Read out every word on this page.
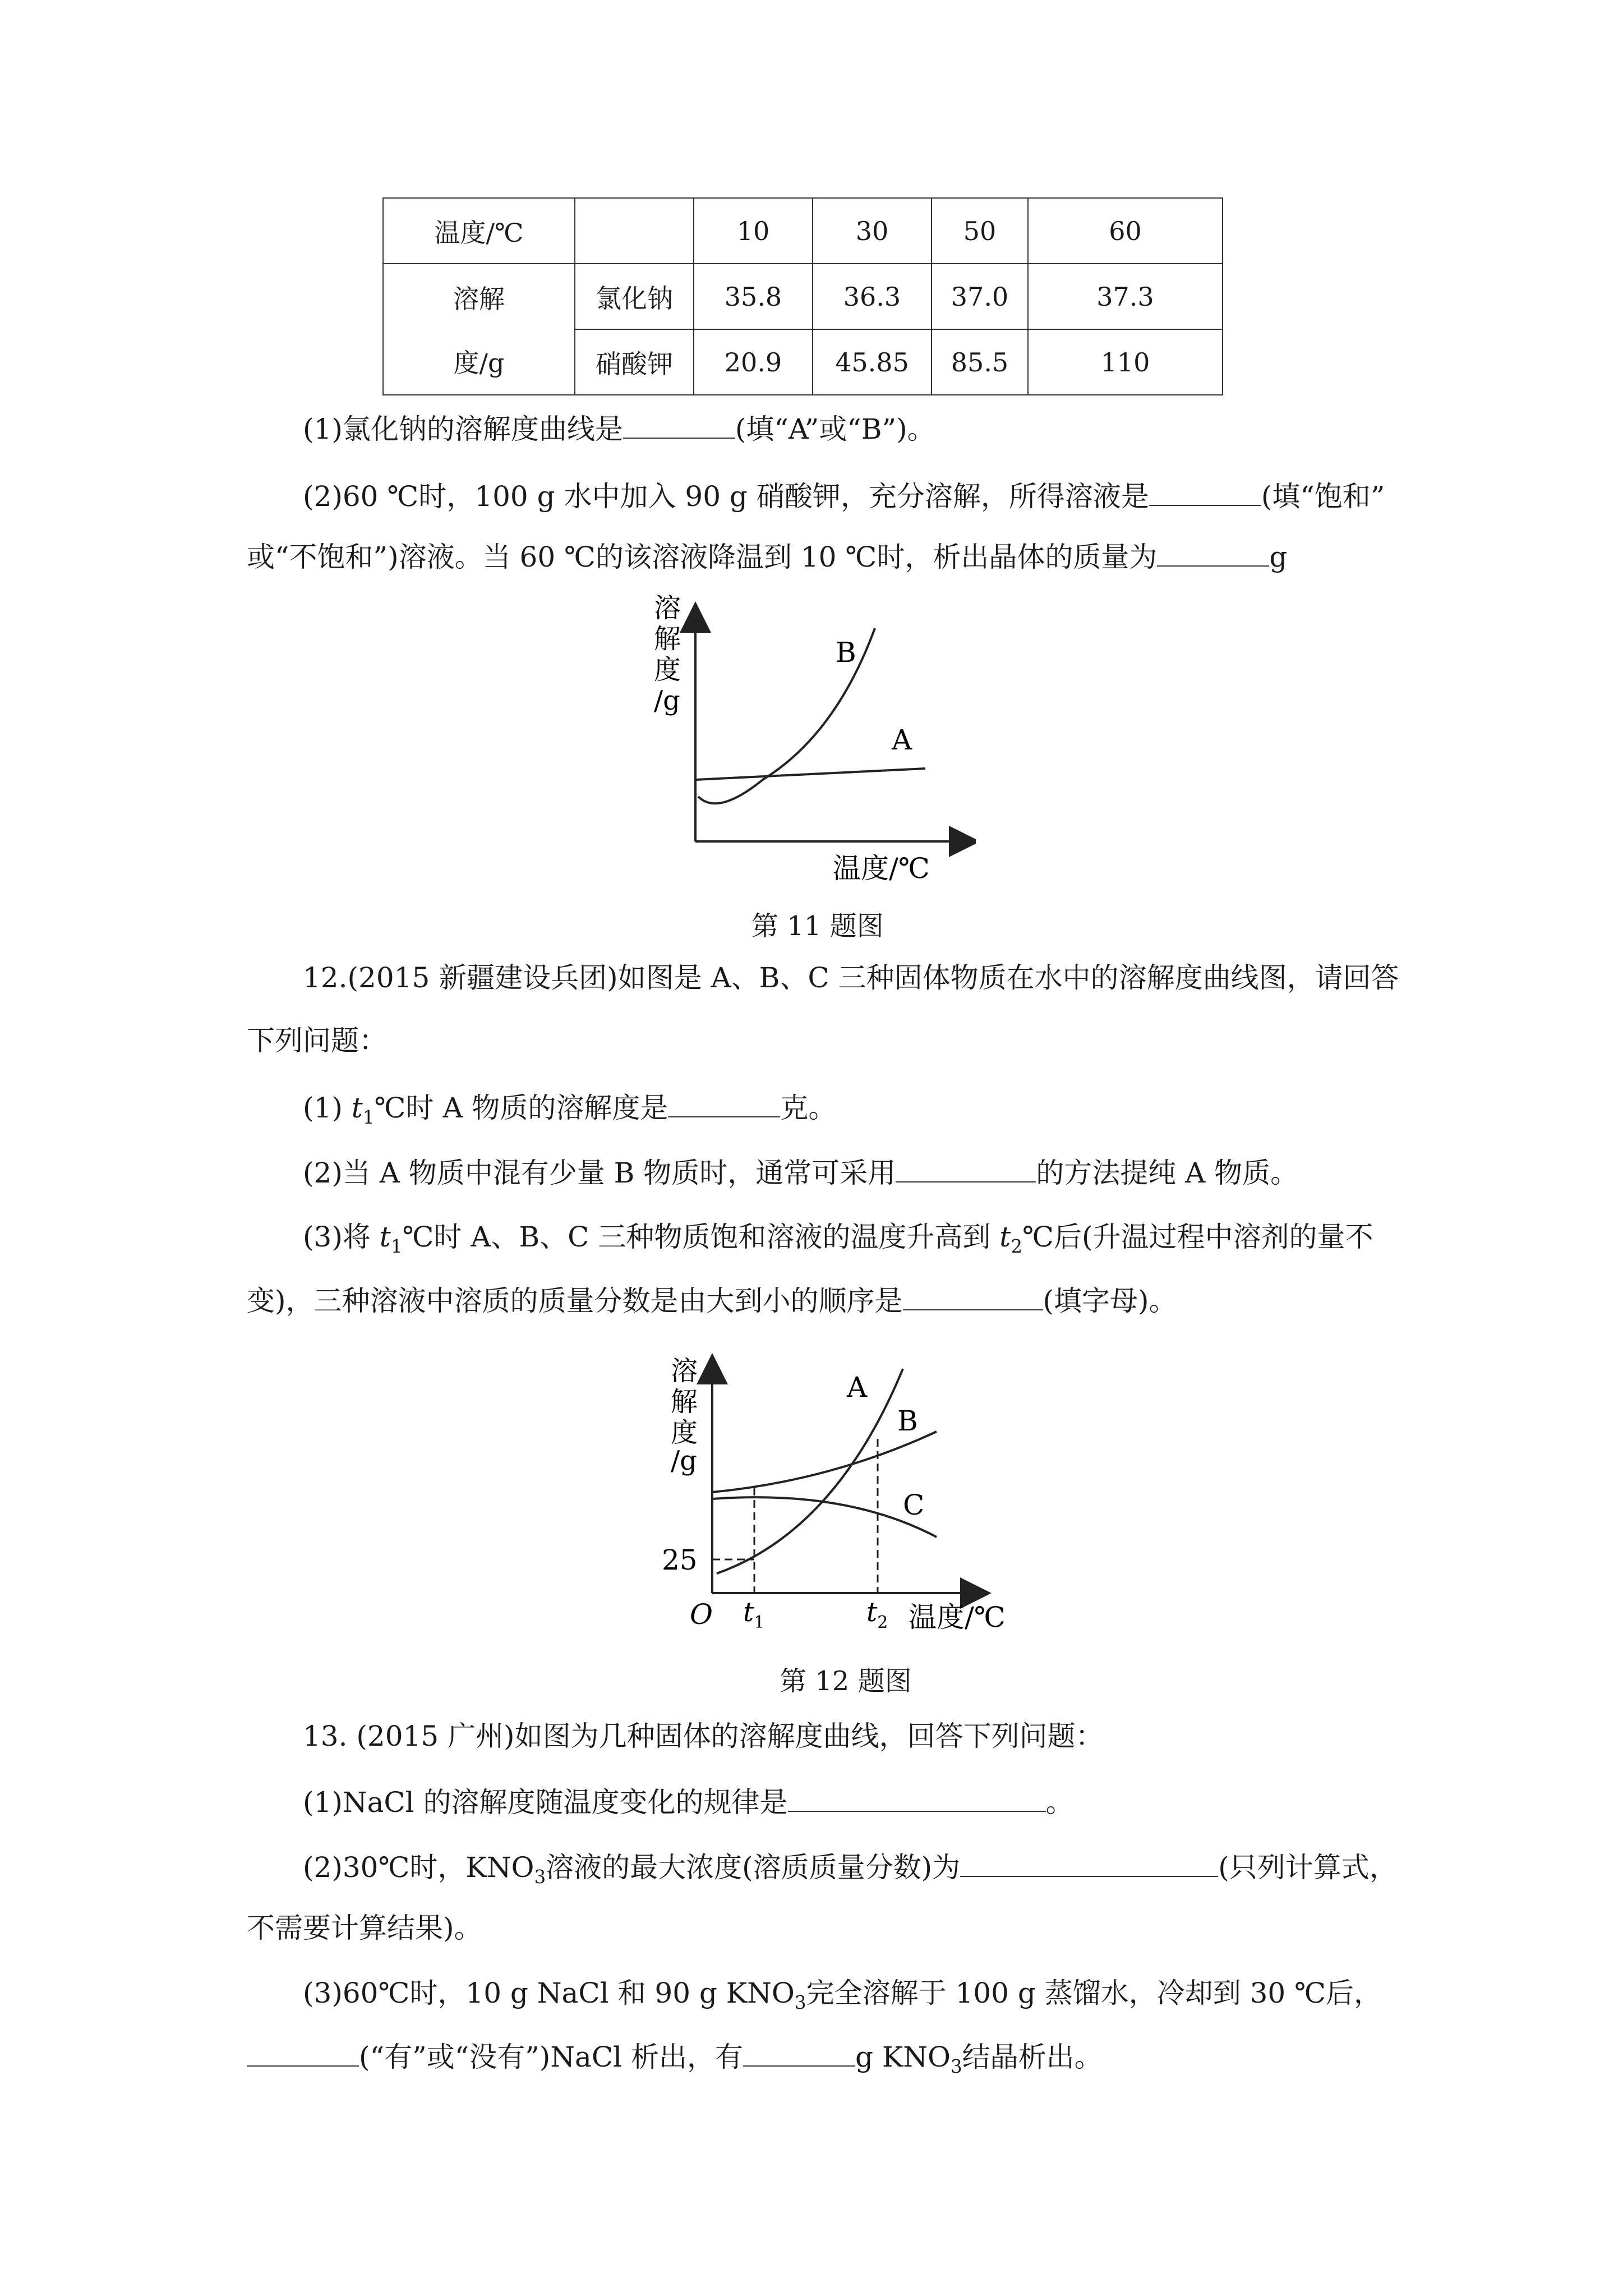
温度/℃		10	30	50	60

溶解
度/g	氯化钠	35.8	36.3	37.0	37.3
	硝酸钾	20.9	45.85	85.5	110
(1)氯化钠的溶解度曲线是	(填“A”或“B”)。
(2)60 ℃时，100 g 水中加入 90 g 硝酸钾，充分溶解，所得溶液是	(填“饱和”
或“不饱和”)溶液。当 60 ℃的该溶液降温到 10 ℃时，析出晶体的质量为	g
溶
解
度
/g
B
A
温度/℃
第 11 题图
12.(2015 新疆建设兵团)如图是 A、B、C 三种固体物质在水中的溶解度曲线图，请回答
下列问题：
(1) $t_1℃$时 A 物质的溶解度是	克。
(2)当 A 物质中混有少量 B 物质时，通常可采用	的方法提纯 A 物质。
(3)将 $t_1℃$时 A、B、C 三种物质饱和溶液的温度升高到 $t_2℃$后(升温过程中溶剂的量不
变)，三种溶液中溶质的质量分数是由大到小的顺序是	(填字母)。
溶
解
度
/g
A
B
C
25
O $t_1$	$t_2$ 温度/℃
第 12 题图
13. (2015 广州)如图为几种固体的溶解度曲线，回答下列问题：
(1)NaCl 的溶解度随温度变化的规律是	。
(2)30℃时，$KNO_3$溶液的最大浓度(溶质质量分数)为	(只列计算式，
不需要计算结果)。
(3)60℃时，10 g NaCl 和 90 g $KNO_3$完全溶解于 100 g 蒸馏水，冷却到 30 ℃后，
(“有”或“没有”)NaCl 析出，有	g $KNO_3$结晶析出。
